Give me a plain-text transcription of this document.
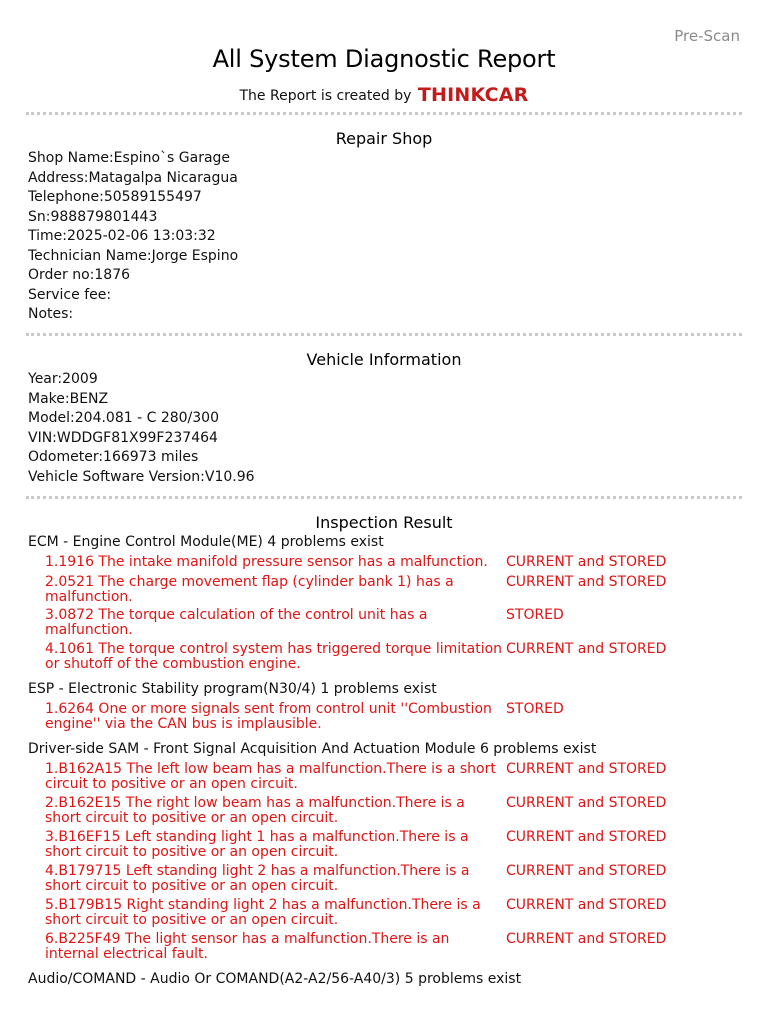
Pre-Scan
All System Diagnostic Report
The Report is created by THINKCAR
Repair Shop
Shop Name:Espino`s Garage
Address:Matagalpa Nicaragua
Telephone:50589155497
Sn:988879801443
Time:2025-02-06 13:03:32
Technician Name:Jorge Espino
Order no:1876
Service fee:
Notes:
Vehicle Information
Year:2009
Make:BENZ
Model:204.081 - C 280/300
VIN:WDDGF81X99F237464
Odometer:166973 miles
Vehicle Software Version:V10.96
Inspection Result
ECM - Engine Control Module(ME) 4 problems exist
1.1916 The intake manifold pressure sensor has a malfunction.	CURRENT and STORED
2.0521 The charge movement flap (cylinder bank 1) has a malfunction.
CURRENT and STORED
3.0872 The torque calculation of the control unit has a malfunction.
STORED
4.1061 The torque control system has triggered torque limitation or shutoff of the combustion engine.
CURRENT and STORED
ESP - Electronic Stability program(N30/4) 1 problems exist
1.6264 One or more signals sent from control unit ''Combustion engine'' via the CAN bus is implausible.
STORED
Driver-side SAM - Front Signal Acquisition And Actuation Module 6 problems exist
1.B162A15 The left low beam has a malfunction.There is a short circuit to positive or an open circuit.
CURRENT and STORED
2.B162E15 The right low beam has a malfunction.There is a short circuit to positive or an open circuit.
CURRENT and STORED
3.B16EF15 Left standing light 1 has a malfunction.There is a short circuit to positive or an open circuit.
CURRENT and STORED
4.B179715 Left standing light 2 has a malfunction.There is a short circuit to positive or an open circuit.
CURRENT and STORED
5.B179B15 Right standing light 2 has a malfunction.There is a short circuit to positive or an open circuit.
CURRENT and STORED
6.B225F49 The light sensor has a malfunction.There is an internal electrical fault.
CURRENT and STORED
Audio/COMAND - Audio Or COMAND(A2-A2/56-A40/3) 5 problems exist
